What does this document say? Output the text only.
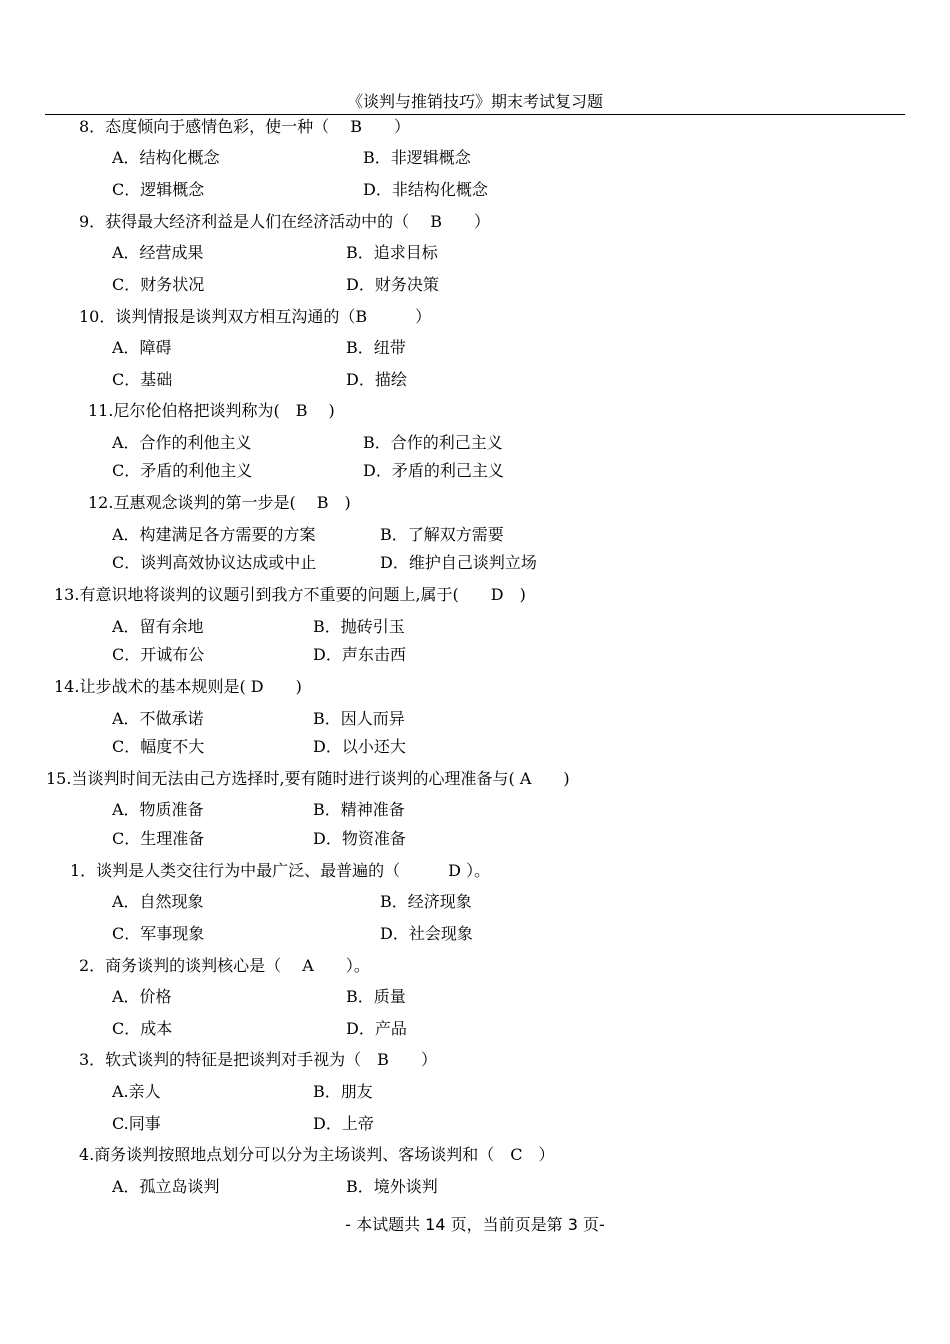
《谈判与推销技巧》期末考试复习题
8．态度倾向于感情色彩，使一种（　 B　　）
A．结构化概念	B．非逻辑概念
C．逻辑概念	D．非结构化概念
9．获得最大经济利益是人们在经济活动中的（　 B　　）
A．经营成果	B．追求目标
C．财务状况	D．财务决策
10．谈判情报是谈判双方相互沟通的（B　　　）
A．障碍	B．纽带
C．基础	D．描绘
11.尼尔伦伯格把谈判称为(　B　 )
A．合作的利他主义	B．合作的利己主义
C．矛盾的利他主义	D．矛盾的利己主义
12.互惠观念谈判的第一步是(　 B　)
A．构建满足各方需要的方案	B．了解双方需要
C．谈判高效协议达成或中止	D．维护自己谈判立场
13.有意识地将谈判的议题引到我方不重要的问题上,属于(　　D　)
A．留有余地	B．抛砖引玉
C．开诚布公	D．声东击西
14.让步战术的基本规则是( D　　)
A．不做承诺	B．因人而异
C．幅度不大	D．以小还大
15.当谈判时间无法由己方选择时,要有随时进行谈判的心理准备与( A　　)
A．物质准备	B．精神准备
C．生理准备	D．物资准备
1．谈判是人类交往行为中最广泛、最普遍的（　　　D ）。
A．自然现象	B．经济现象
C．军事现象	D．社会现象
2．商务谈判的谈判核心是（　 A　　）。
A．价格	B．质量
C．成本	D．产品
3．软式谈判的特征是把谈判对手视为（　B　　）
A.亲人	B．朋友
C.同事	D．上帝
4.商务谈判按照地点划分可以分为主场谈判、客场谈判和（　C　）
A．孤立岛谈判	B．境外谈判
- 本试题共 14 页，当前页是第 3 页-
